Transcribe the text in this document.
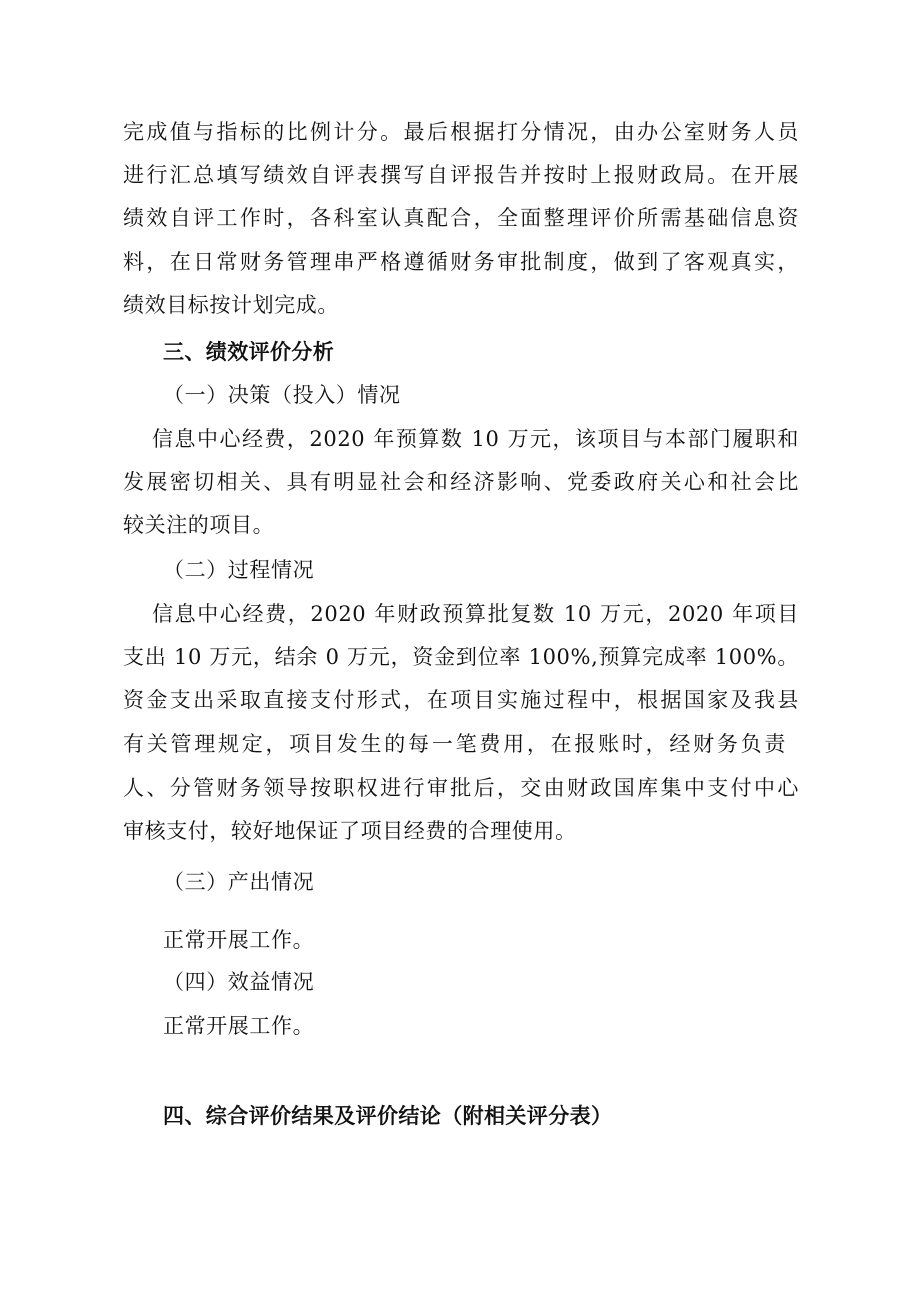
完成值与指标的比例计分。最后根据打分情况，由办公室财务人员
进行汇总填写绩效自评表撰写自评报告并按时上报财政局。在开展
绩效自评工作时，各科室认真配合，全面整理评价所需基础信息资
料，在日常财务管理串严格遵循财务审批制度，做到了客观真实，
绩效目标按计划完成。
三、绩效评价分析
（一）决策（投入）情况
信息中心经费，2020 年预算数 10 万元，该项目与本部门履职和
发展密切相关、具有明显社会和经济影响、党委政府关心和社会比
较关注的项目。
（二）过程情况
信息中心经费，2020 年财政预算批复数 10 万元，2020 年项目
支出 10 万元，结余 0 万元，资金到位率 100%,预算完成率 100%。
资金支出采取直接支付形式，在项目实施过程中，根据国家及我县
有关管理规定，项目发生的每一笔费用，在报账时，经财务负责
人、分管财务领导按职权进行审批后，交由财政国库集中支付中心
审核支付，较好地保证了项目经费的合理使用。
（三）产出情况
正常开展工作。
（四）效益情况
正常开展工作。
四、综合评价结果及评价结论（附相关评分表）
